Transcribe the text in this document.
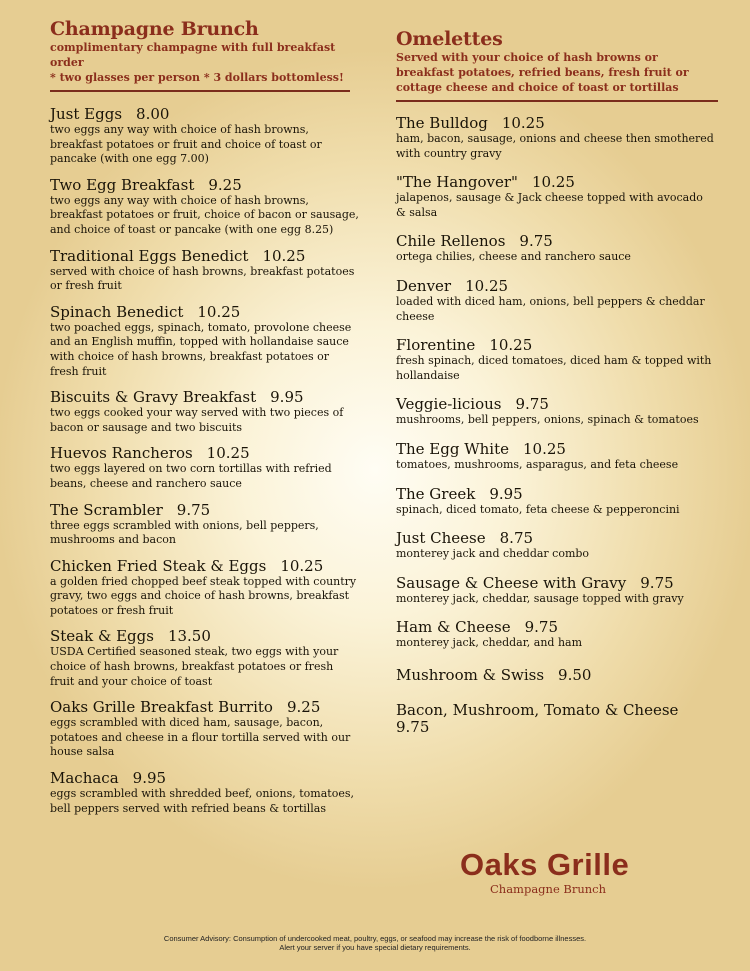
Champagne Brunch
complimentary champagne with full breakfast order
* two glasses per person * 3 dollars bottomless!
Just Eggs 8.00
two eggs any way with choice of hash browns, breakfast potatoes or fruit and choice of toast or pancake (with one egg 7.00)
Two Egg Breakfast 9.25
two eggs any way with choice of hash browns, breakfast potatoes or fruit, choice of bacon or sausage, and choice of toast or pancake (with one egg 8.25)
Traditional Eggs Benedict 10.25
served with choice of hash browns, breakfast potatoes or fresh fruit
Spinach Benedict 10.25
two poached eggs, spinach, tomato, provolone cheese and an English muffin, topped with hollandaise sauce with choice of hash browns, breakfast potatoes or fresh fruit
Biscuits & Gravy Breakfast 9.95
two eggs cooked your way served with two pieces of bacon or sausage and two biscuits
Huevos Rancheros 10.25
two eggs layered on two corn tortillas with refried beans, cheese and ranchero sauce
The Scrambler 9.75
three eggs scrambled with onions, bell peppers, mushrooms and bacon
Chicken Fried Steak & Eggs 10.25
a golden fried chopped beef steak topped with country gravy, two eggs and choice of hash browns, breakfast potatoes or fresh fruit
Steak & Eggs 13.50
USDA Certified seasoned steak, two eggs with your choice of hash browns, breakfast potatoes or fresh fruit and your choice of toast
Oaks Grille Breakfast Burrito 9.25
eggs scrambled with diced ham, sausage, bacon, potatoes and cheese in a flour tortilla served with our house salsa
Machaca 9.95
eggs scrambled with shredded beef, onions, tomatoes, bell peppers served with refried beans & tortillas
Omelettes
Served with your choice of hash browns or breakfast potatoes, refried beans, fresh fruit or cottage cheese and choice of toast or tortillas
The Bulldog 10.25
ham, bacon, sausage, onions and cheese then smothered with country gravy
"The Hangover" 10.25
jalapenos, sausage & Jack cheese topped with avocado & salsa
Chile Rellenos 9.75
ortega chilies, cheese and ranchero sauce
Denver 10.25
loaded with diced ham, onions, bell peppers & cheddar cheese
Florentine 10.25
fresh spinach, diced tomatoes, diced ham & topped with hollandaise
Veggie-licious 9.75
mushrooms, bell peppers, onions, spinach & tomatoes
The Egg White 10.25
tomatoes, mushrooms, asparagus, and feta cheese
The Greek 9.95
spinach, diced tomato, feta cheese & pepperoncini
Just Cheese 8.75
monterey jack and cheddar combo
Sausage & Cheese with Gravy 9.75
monterey jack, cheddar, sausage topped with gravy
Ham & Cheese 9.75
monterey jack, cheddar, and ham
Mushroom & Swiss 9.50
Bacon, Mushroom, Tomato & Cheese
9.75
Oaks Grille
Champagne Brunch
Consumer Advisory: Consumption of undercooked meat, poultry, eggs, or seafood may increase the risk of foodborne illnesses.
Alert your server if you have special dietary requirements.
